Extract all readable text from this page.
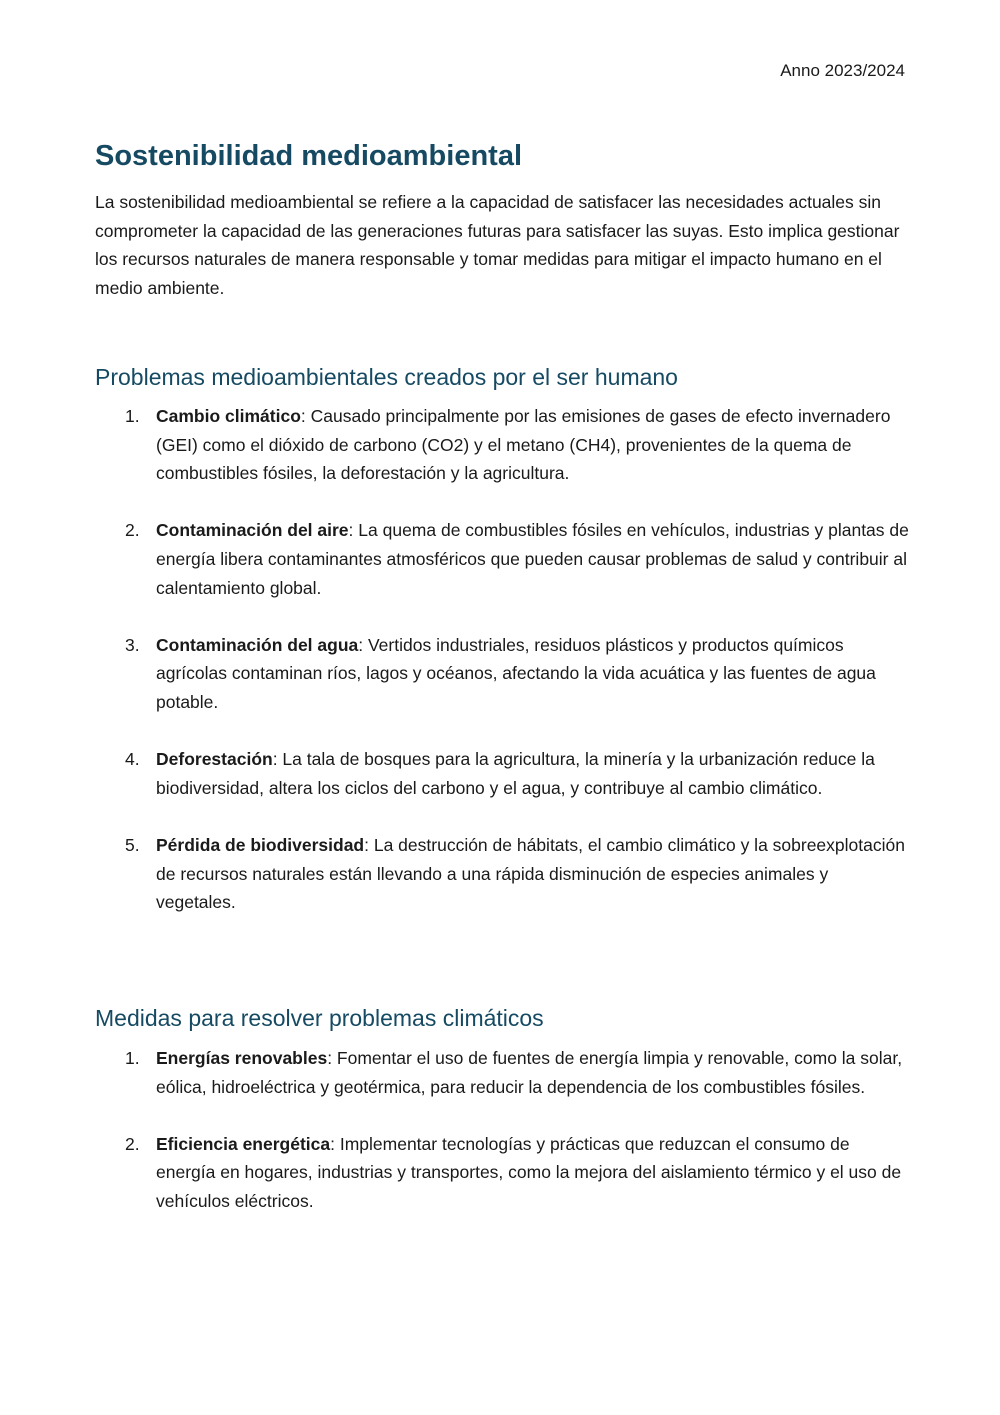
Anno 2023/2024
Sostenibilidad medioambiental

La sostenibilidad medioambiental se refiere a la capacidad de satisfacer las necesidades actuales sin comprometer la capacidad de las generaciones futuras para satisfacer las suyas. Esto implica gestionar los recursos naturales de manera responsable y tomar medidas para mitigar el impacto humano en el medio ambiente.

Problemas medioambientales creados por el ser humano
1. Cambio climático: Causado principalmente por las emisiones de gases de efecto invernadero (GEI) como el dióxido de carbono (CO2) y el metano (CH4), provenientes de la quema de combustibles fósiles, la deforestación y la agricultura.
2. Contaminación del aire: La quema de combustibles fósiles en vehículos, industrias y plantas de energía libera contaminantes atmosféricos que pueden causar problemas de salud y contribuir al calentamiento global.
3. Contaminación del agua: Vertidos industriales, residuos plásticos y productos químicos agrícolas contaminan ríos, lagos y océanos, afectando la vida acuática y las fuentes de agua potable.
4. Deforestación: La tala de bosques para la agricultura, la minería y la urbanización reduce la biodiversidad, altera los ciclos del carbono y el agua, y contribuye al cambio climático.
5. Pérdida de biodiversidad: La destrucción de hábitats, el cambio climático y la sobreexplotación de recursos naturales están llevando a una rápida disminución de especies animales y vegetales.
Medidas para resolver problemas climáticos
1. Energías renovables: Fomentar el uso de fuentes de energía limpia y renovable, como la solar, eólica, hidroeléctrica y geotérmica, para reducir la dependencia de los combustibles fósiles.
2. Eficiencia energética: Implementar tecnologías y prácticas que reduzcan el consumo de energía en hogares, industrias y transportes, como la mejora del aislamiento térmico y el uso de vehículos eléctricos.
